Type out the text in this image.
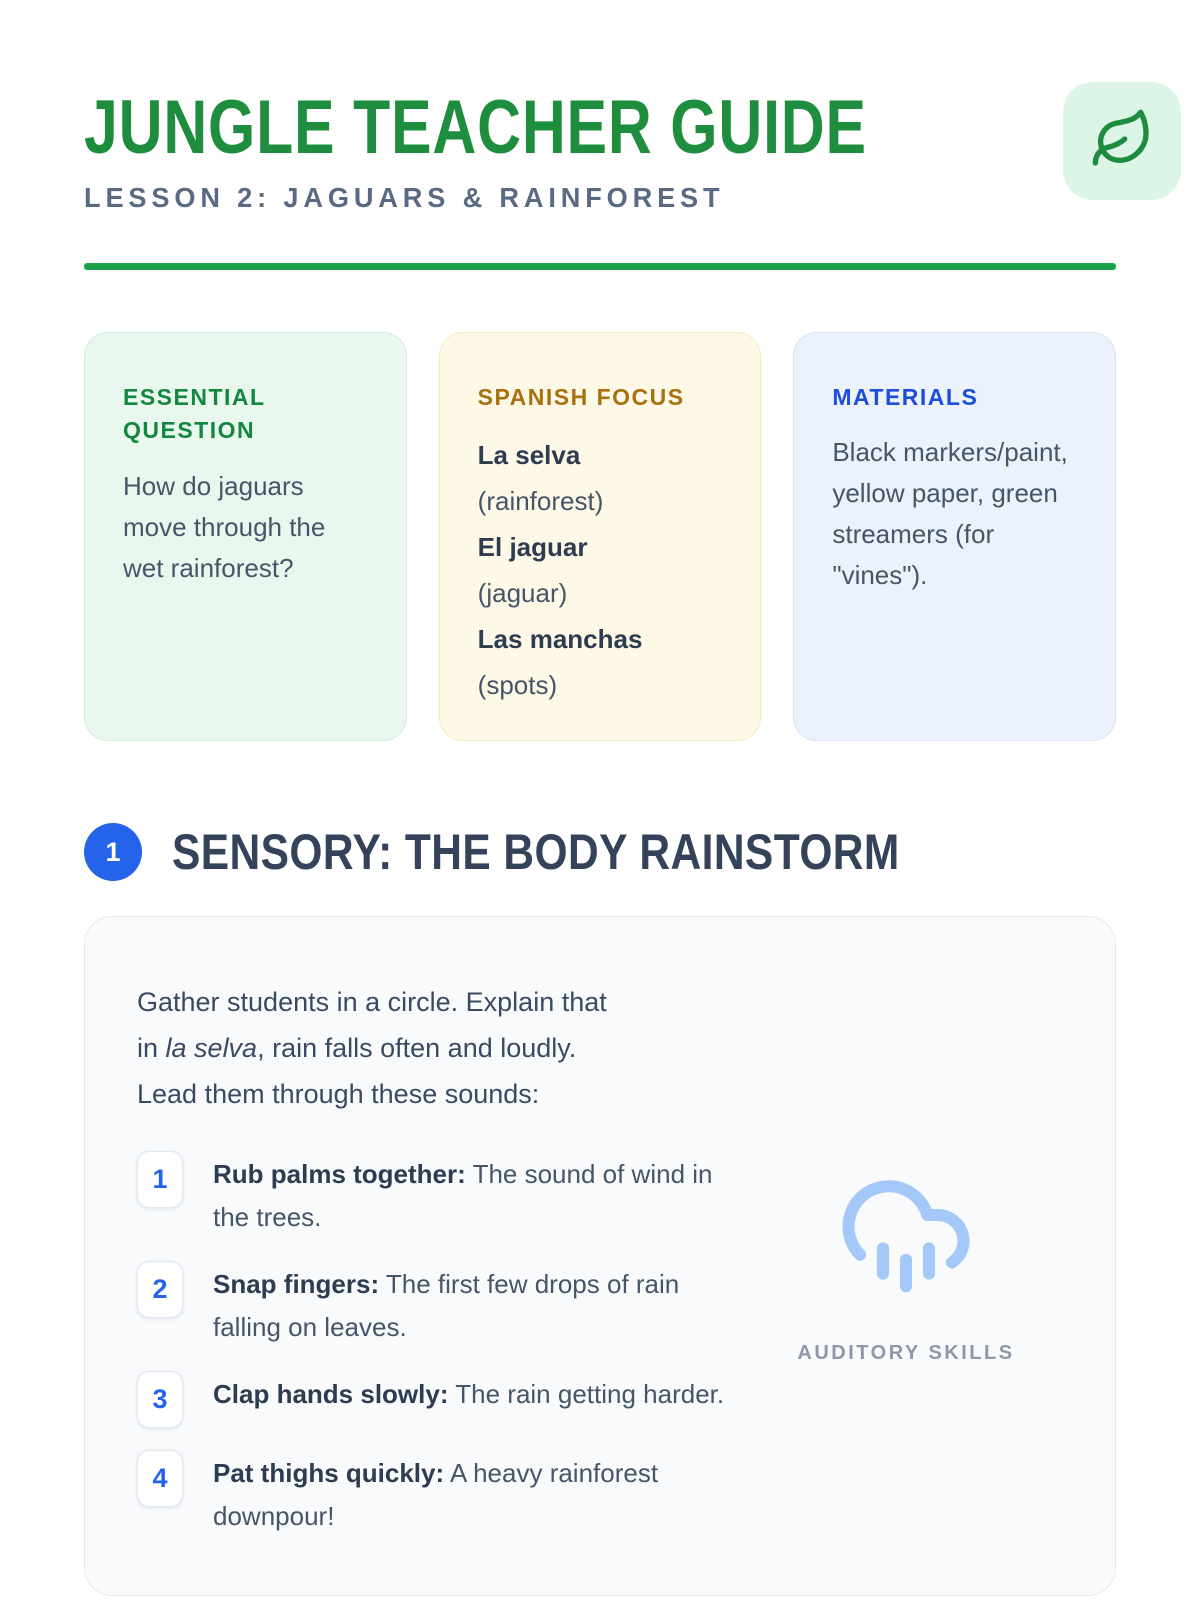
JUNGLE TEACHER GUIDE
LESSON 2: JAGUARS & RAINFOREST
ESSENTIAL QUESTION
How do jaguars move through the wet rainforest?
SPANISH FOCUS
La selva
(rainforest)
El jaguar
(jaguar)
Las manchas
(spots)
MATERIALS
Black markers/paint, yellow paper, green streamers (for "vines").
1	SENSORY: THE BODY RAINSTORM
Gather students in a circle. Explain that
in la selva, rain falls often and loudly.
Lead them through these sounds:
1	Rub palms together: The sound of wind in the trees.
2	Snap fingers: The first few drops of rain falling on leaves.
3	Clap hands slowly: The rain getting harder.
4	Pat thighs quickly: A heavy rainforest downpour!
AUDITORY SKILLS
